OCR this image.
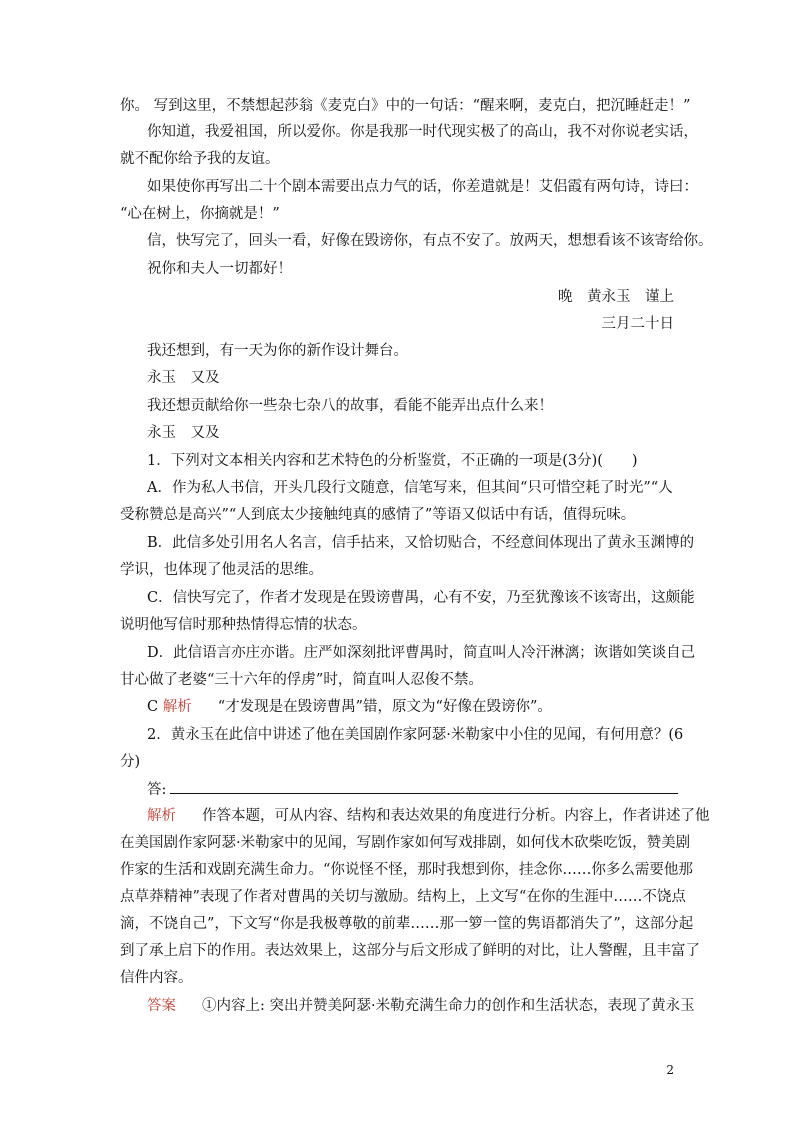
你。 写到这里，不禁想起莎翁《麦克白》中的一句话：“醒来啊，麦克白，把沉睡赶走！”
你知道，我爱祖国，所以爱你。你是我那一时代现实极了的高山，我不对你说老实话，
就不配你给予我的友谊。
如果使你再写出二十个剧本需要出点力气的话，你差遣就是！艾侣霞有两句诗，诗曰：
“心在树上，你摘就是！”
信，快写完了，回头一看，好像在毁谤你，有点不安了。放两天，想想看该不该寄给你。
祝你和夫人一切都好！
晚　黄永玉　谨上
三月二十日
我还想到，有一天为你的新作设计舞台。
永玉　又及
我还想贡献给你一些杂七杂八的故事，看能不能弄出点什么来！
永玉　又及
1．下列对文本相关内容和艺术特色的分析鉴赏，不正确的一项是(3分)(　　)
A．作为私人书信，开头几段行文随意，信笔写来，但其间“只可惜空耗了时光”“人
受称赞总是高兴”“人到底太少接触纯真的感情了”等语又似话中有话，值得玩味。
B．此信多处引用名人名言，信手拈来，又恰切贴合，不经意间体现出了黄永玉渊博的
学识，也体现了他灵活的思维。
C．信快写完了，作者才发现是在毁谤曹禺，心有不安，乃至犹豫该不该寄出，这颇能
说明他写信时那种热情得忘情的状态。
D．此信语言亦庄亦谐。庄严如深刻批评曹禺时，简直叫人冷汗淋漓；诙谐如笑谈自己
甘心做了老婆“三十六年的俘虏”时，简直叫人忍俊不禁。
C 解析 “才发现是在毁谤曹禺”错，原文为“好像在毁谤你”。
2．黄永玉在此信中讲述了他在美国剧作家阿瑟·米勒家中小住的见闻，有何用意？(6
分)
答:
解析 作答本题，可从内容、结构和表达效果的角度进行分析。内容上，作者讲述了他
在美国剧作家阿瑟·米勒家中的见闻，写剧作家如何写戏排剧，如何伐木砍柴吃饭，赞美剧
作家的生活和戏剧充满生命力。“你说怪不怪，那时我想到你，挂念你……你多么需要他那
点草莽精神”表现了作者对曹禺的关切与激励。结构上，上文写“在你的生涯中……不饶点
滴，不饶自己”，下文写“你是我极尊敬的前辈……那一箩一筐的隽语都消失了”，这部分起
到了承上启下的作用。表达效果上，这部分与后文形成了鲜明的对比，让人警醒，且丰富了
信件内容。
答案 ①内容上: 突出并赞美阿瑟·米勒充满生命力的创作和生活状态，表现了黄永玉
2
